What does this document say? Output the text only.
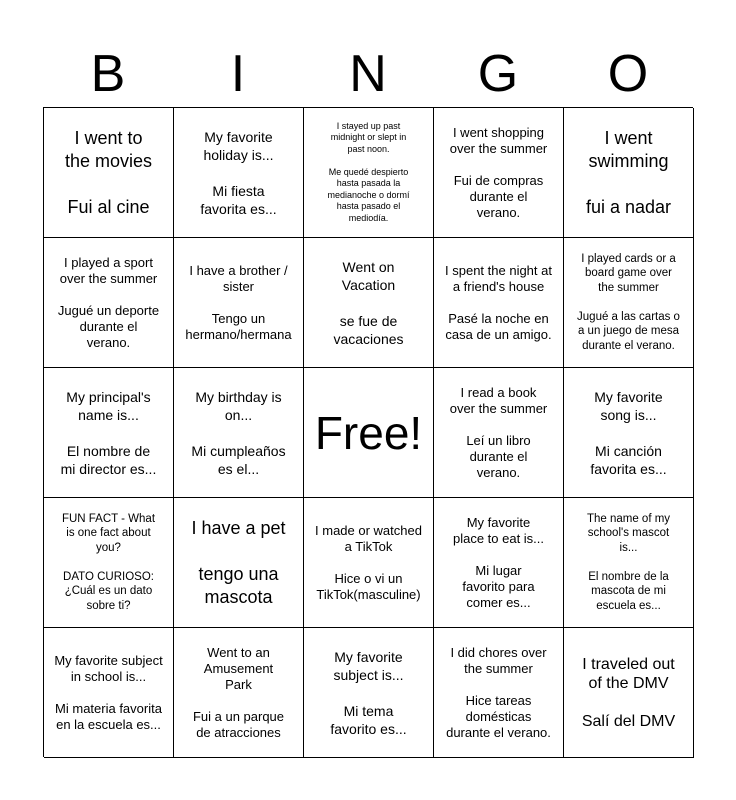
B	I	N	G	O
I went to
the movies

Fui al cine
My favorite
holiday is...

Mi fiesta
favorita es...
I stayed up past
midnight or slept in
past noon.

Me quedé despierto
hasta pasada la
medianoche o dormí
hasta pasado el
mediodía.
I went shopping
over the summer

Fui de compras
durante el
verano.
I went
swimming

fui a nadar
I played a sport
over the summer

Jugué un deporte
durante el
verano.
I have a brother /
sister

Tengo un
hermano/hermana
Went on
Vacation

se fue de
vacaciones
I spent the night at
a friend's house

Pasé la noche en
casa de un amigo.
I played cards or a
board game over
the summer

Jugué a las cartas o
a un juego de mesa
durante el verano.
My principal's
name is...

El nombre de
mi director es...
My birthday is
on...

Mi cumpleaños
es el...
Free!
I read a book
over the summer

Leí un libro
durante el
verano.
My favorite
song is...

Mi canción
favorita es...
FUN FACT - What
is one fact about
you?

DATO CURIOSO:
¿Cuál es un dato
sobre ti?
I have a pet

tengo una
mascota
I made or watched
a TikTok

Hice o vi un
TikTok(masculine)
My favorite
place to eat is...

Mi lugar
favorito para
comer es...
The name of my
school's mascot
is...

El nombre de la
mascota de mi
escuela es...
My favorite subject
in school is...

Mi materia favorita
en la escuela es...
Went to an
Amusement
Park

Fui a un parque
de atracciones
My favorite
subject is...

Mi tema
favorito es...
I did chores over
the summer

Hice tareas
domésticas
durante el verano.
I traveled out
of the DMV

Salí del DMV
